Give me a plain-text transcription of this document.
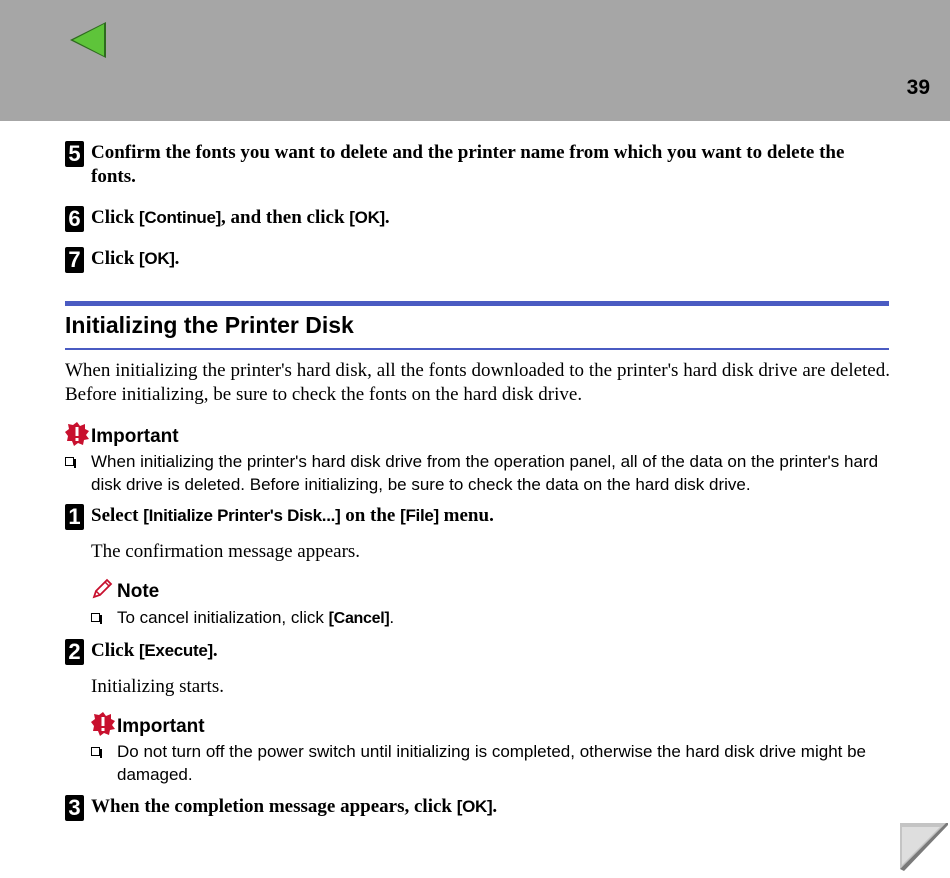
39
5 Confirm the fonts you want to delete and the printer name from which you want to delete the fonts.
6 Click [Continue], and then click [OK].
7 Click [OK].
Initializing the Printer Disk
When initializing the printer's hard disk, all the fonts downloaded to the printer's hard disk drive are deleted. Before initializing, be sure to check the fonts on the hard disk drive.
Important
When initializing the printer's hard disk drive from the operation panel, all of the data on the printer's hard disk drive is deleted. Before initializing, be sure to check the data on the hard disk drive.
1 Select [Initialize Printer's Disk...] on the [File] menu.
The confirmation message appears.
Note
To cancel initialization, click [Cancel].
2 Click [Execute].
Initializing starts.
Important
Do not turn off the power switch until initializing is completed, otherwise the hard disk drive might be damaged.
3 When the completion message appears, click [OK].
